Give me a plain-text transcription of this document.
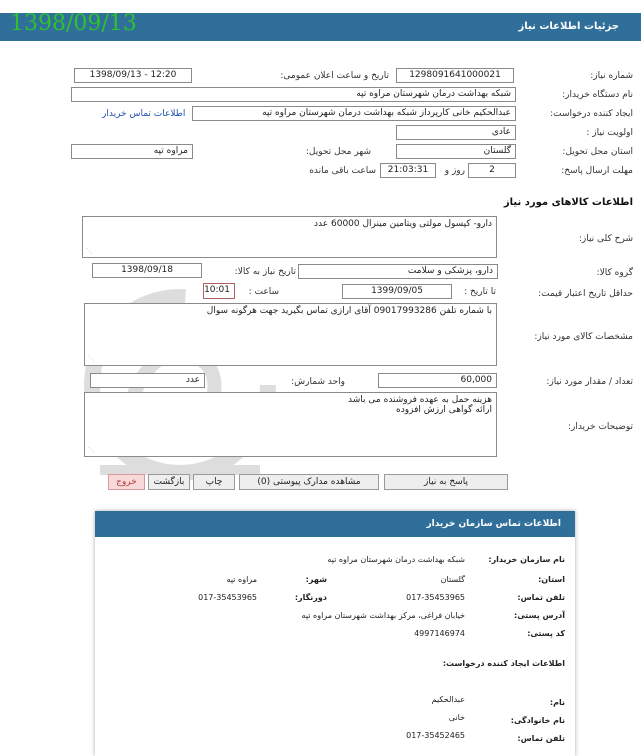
جزئیات اطلاعات نیاز
1398/09/13
شماره نیاز:
1298091641000021
تاریخ و ساعت اعلان عمومی:
1398/09/13 - 12:20
نام دستگاه خریدار:
شبکه بهداشت درمان شهرستان مراوه تپه
ایجاد کننده درخواست:
عبدالحکیم خانی کارپرداز شبکه بهداشت درمان شهرستان مراوه تپه
اطلاعات تماس خریدار
اولویت نیاز :
عادی
استان محل تحویل:
گلستان
شهر محل تحویل:
مراوه تپه
مهلت ارسال پاسخ:
2
روز و
21:03:31
ساعت باقی مانده
اطلاعات کالاهای مورد نیاز
شرح کلی نیاز:
دارو- کپسول مولتی ویتامین مینرال 60000 عدد
⋰
گروه کالا:
دارو، پزشکی و سلامت
تاریخ نیاز به کالا:
1398/09/18
حداقل تاریخ اعتبار قیمت:
تا تاریخ :
1399/09/05
ساعت :
10:01
مشخصات کالای مورد نیاز:
با شماره تلفن 09017993286 آقای ارازی تماس بگیرید جهت هرگونه سوال
⋰
تعداد / مقدار مورد نیاز:
60,000
واحد شمارش:
عدد
توضیحات خریدار:
هزینه حمل به عهده فروشنده می باشد
ارائه گواهی ارزش افزوده
⋰
پاسخ به نیاز
مشاهده مدارک پیوستی (0)
چاپ
بازگشت
خروج
اطلاعات تماس سازمان خریدار
نام سازمان خریدار:
شبکه بهداشت درمان شهرستان مراوه تپه
استان:
گلستان
شهر:
مراوه تپه
تلفن تماس:
017-35453965
دورنگار:
017-35453965
آدرس پستی:
خیابان فراغی، مرکز بهداشت شهرستان مراوه تپه
کد پستی:
4997146974
اطلاعات ایجاد کننده درخواست:
نام:
عبدالحکیم
نام خانوادگی:
خانی
تلفن تماس:
017-35452465
